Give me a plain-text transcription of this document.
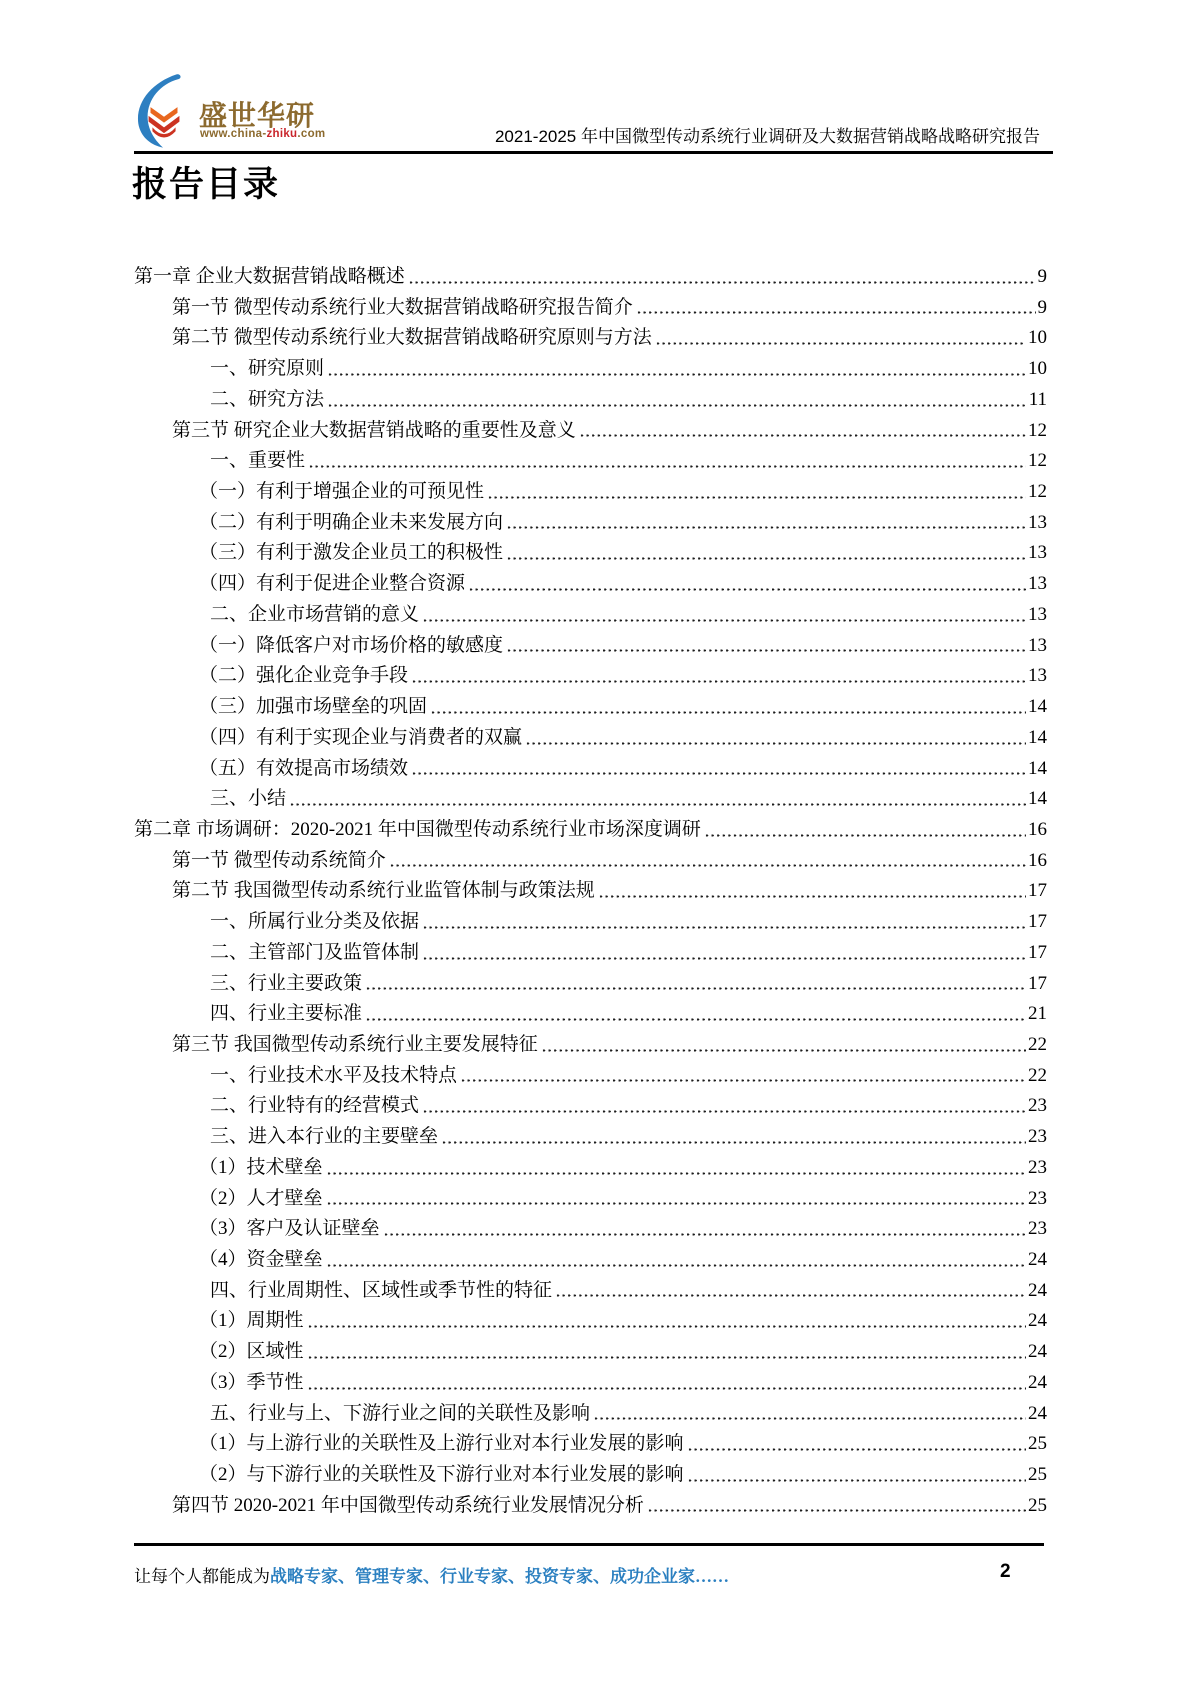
盛世华研
www.china-zhiku.com	2021-2025 年中国微型传动系统行业调研及大数据营销战略战略研究报告
报告目录
第一章 企业大数据营销战略概述	9
第一节 微型传动系统行业大数据营销战略研究报告简介	9
第二节 微型传动系统行业大数据营销战略研究原则与方法	10
一、研究原则	10
二、研究方法	11
第三节 研究企业大数据营销战略的重要性及意义	12
一、重要性	12
（一）有利于增强企业的可预见性	12
（二）有利于明确企业未来发展方向	13
（三）有利于激发企业员工的积极性	13
（四）有利于促进企业整合资源	13
二、企业市场营销的意义	13
（一）降低客户对市场价格的敏感度	13
（二）强化企业竞争手段	13
（三）加强市场壁垒的巩固	14
（四）有利于实现企业与消费者的双赢	14
（五）有效提高市场绩效	14
三、小结	14
第二章 市场调研：2020-2021 年中国微型传动系统行业市场深度调研	16
第一节 微型传动系统简介	16
第二节 我国微型传动系统行业监管体制与政策法规	17
一、所属行业分类及依据	17
二、主管部门及监管体制	17
三、行业主要政策	17
四、行业主要标准	21
第三节 我国微型传动系统行业主要发展特征	22
一、行业技术水平及技术特点	22
二、行业特有的经营模式	23
三、进入本行业的主要壁垒	23
（1）技术壁垒	23
（2）人才壁垒	23
（3）客户及认证壁垒	23
（4）资金壁垒	24
四、行业周期性、区域性或季节性的特征	24
（1）周期性	24
（2）区域性	24
（3）季节性	24
五、行业与上、下游行业之间的关联性及影响	24
（1）与上游行业的关联性及上游行业对本行业发展的影响	25
（2）与下游行业的关联性及下游行业对本行业发展的影响	25
第四节 2020-2021 年中国微型传动系统行业发展情况分析	25
让每个人都能成为战略专家、管理专家、行业专家、投资专家、成功企业家……	2
